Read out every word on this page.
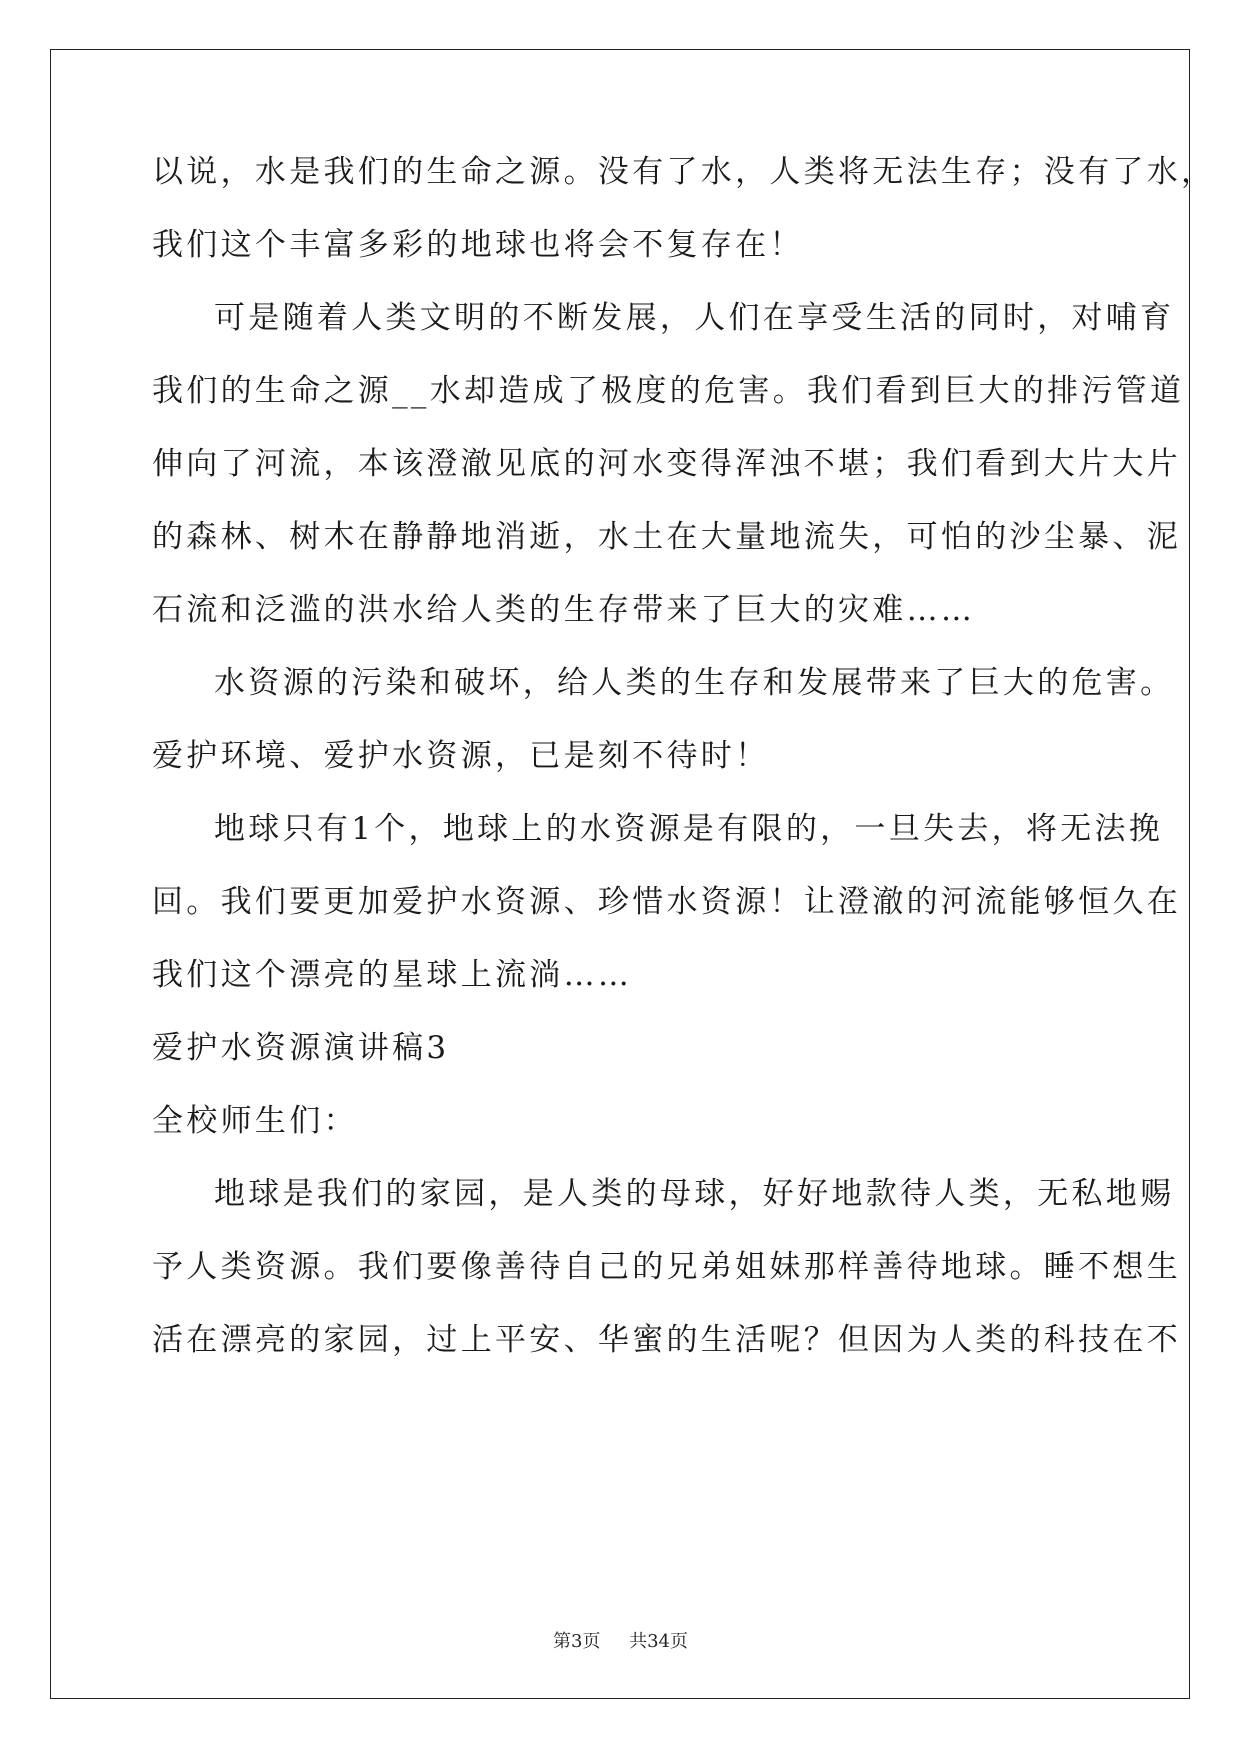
以说，水是我们的生命之源。没有了水，人类将无法生存；没有了水，

我们这个丰富多彩的地球也将会不复存在！

可是随着人类文明的不断发展，人们在享受生活的同时，对哺育

我们的生命之源__水却造成了极度的危害。我们看到巨大的排污管道

伸向了河流，本该澄澈见底的河水变得浑浊不堪；我们看到大片大片

的森林、树木在静静地消逝，水土在大量地流失，可怕的沙尘暴、泥

石流和泛滥的洪水给人类的生存带来了巨大的灾难……

水资源的污染和破坏，给人类的生存和发展带来了巨大的危害。

爱护环境、爱护水资源，已是刻不待时！

地球只有1个，地球上的水资源是有限的，一旦失去，将无法挽

回。我们要更加爱护水资源、珍惜水资源！让澄澈的河流能够恒久在

我们这个漂亮的星球上流淌……

爱护水资源演讲稿3

全校师生们：

地球是我们的家园，是人类的母球，好好地款待人类，无私地赐

予人类资源。我们要像善待自己的兄弟姐妹那样善待地球。睡不想生

活在漂亮的家园，过上平安、华蜜的生活呢？但因为人类的科技在不

第3页 共34页
